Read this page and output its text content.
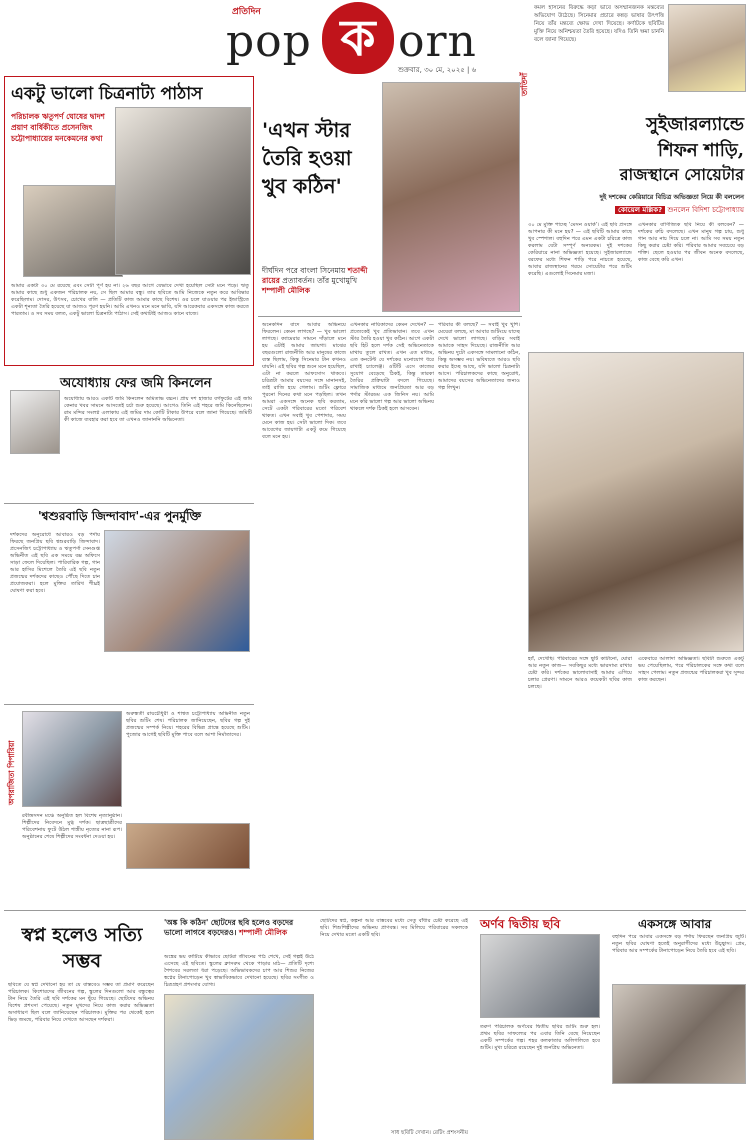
প্রতিদিন
pop ক orn
শুক্রবার, ৩০ মে, ২০২৫ | ৬
তাতিদাঁ
কমল হাসনের বিরুদ্ধে কড়া ভাবে অসম্মানজনক মন্তব্যের অভিযোগ উঠেছে। সিনেমার প্রচারে কন্নড় ভাষার উৎপত্তি নিয়ে তাঁর মন্তব্যে ক্ষোভ দেখা দিয়েছে। কর্ণাটকে ছবিটির মুক্তি নিয়ে অনিশ্চয়তা তৈরি হয়েছে। যদিও তিনি ক্ষমা চাননি বলে জানা গিয়েছে।
একটু ভালো চিত্রনাট্য পাঠাস
পরিচালক ঋতুপর্ণ ঘোষের দ্বাদশ প্রয়াণ বার্ষিকীতে প্রসেনজিৎ চট্টোপাধ্যায়ের মনকেমনের কথা
আমার একটা ৩০ মে রয়েছে এবং সেটা পূর্ণ হয় না। ২৬ বছর আগে যেভাবে দেখা হয়েছিল সেটা মনে পড়ে। ঋতু আমার কাছে শুধু একজন পরিচালক নয়, সে ছিল আমার বন্ধু। তার ছবিতে আমি নিজেকে নতুন করে আবিষ্কার করেছিলাম। দোসর, উৎসব, চোখের বালি — প্রতিটি কাজ আমার কাছে বিশেষ। ওর চলে যাওয়ার পর ইন্ডাস্ট্রিতে একটা শূন্যতা তৈরি হয়েছে যা আজও পূরণ হয়নি। আমি এখনও মনে মনে ভাবি, যদি আরেকবার একসঙ্গে কাজ করতে পারতাম। ও সব সময় বলত, একটু ভালো চিত্রনাট্য পাঠাস। সেই কথাটাই আজও কানে বাজে।
অযোধ্যায় ফের জমি কিনলেন
অযোধ্যায় আরও একটি জমি কিনলেন অমিতাভ বচ্চন। প্রায় দশ হাজার বর্গফুটের এই জমি কেনার খবর সামনে আসতেই চর্চা শুরু হয়েছে। আগেও তিনি এই শহরে জমি কিনেছিলেন। রাম মন্দির সংলগ্ন এলাকায় এই জমির দাম কোটি টাকার উপরে বলে জানা গিয়েছে। জমিটি কী কাজে ব্যবহার করা হবে তা এখনও জানাননি অভিনেতা।
'শ্বশুরবাড়ি জিন্দাবাদ'-এর পুনর্মুক্তি
দর্শকদের অনুরোধে আবারও বড় পর্দায় ফিরছে জনপ্রিয় ছবি শ্বশুরবাড়ি জিন্দাবাদ। প্রসেনজিৎ চট্টোপাধ্যায় ও ঋতুপর্ণা সেনগুপ্ত অভিনীত এই ছবি এক সময়ে বক্স অফিসে সাড়া ফেলে দিয়েছিল। পারিবারিক গল্প, গান আর হাসির মিশেলে তৈরি এই ছবি নতুন প্রজন্মের দর্শকদের কাছেও পৌঁছে দিতে চান প্রযোজকরা। হলে মুক্তির তারিখ শীঘ্রই ঘোষণা করা হবে।
অপরাজিতা পিপারিয়া
অরুন্ধতী রায়চৌধুরী ও শাশ্বত চট্টোপাধ্যায় অভিনীত নতুন ছবির শুটিং শেষ। পরিচালক জানিয়েছেন, ছবির গল্প দুই প্রজন্মের সম্পর্ক নিয়ে। শহরের বিভিন্ন প্রান্তে হয়েছে শুটিং। পুজোর আগেই ছবিটি মুক্তি পাবে বলে আশা নির্মাতাদের।
রবীন্দ্রসদন মঞ্চে অনুষ্ঠিত হল বিশেষ নৃত্যানুষ্ঠান। শিল্পীদের নিবেদনে মুগ্ধ দর্শক। ছাত্রছাত্রীদের পরিবেশনায় ফুটে উঠল শাস্ত্রীয় নৃত্যের নানা রূপ। অনুষ্ঠানের শেষে শিল্পীদের সংবর্ধনা দেওয়া হয়।
'এখন স্টার তৈরি হওয়া খুব কঠিন'
দীর্ঘদিন পরে বাংলা সিনেমায় শতাব্দী রায়ের প্রত্যাবর্তন। তাঁর মুখোমুখি শম্পালী মৌলিক
অনেকদিন বাদে আবার অভিনয়ে ফিরলেন। কেমন লাগছে? — খুব ভালো লাগছে। ক্যামেরার সামনে দাঁড়ালে মনে হয় এটাই আমার জায়গা। মাঝের বছরগুলো রাজনীতি আর মানুষের কাজে ব্যস্ত ছিলাম, কিন্তু সিনেমার টান কখনও যায়নি। এই ছবির গল্প শুনে মনে হয়েছিল, এটা না করলে আফসোস থাকবে। চরিত্রটা আমার বয়সের সঙ্গে মানানসই, তাই রাজি হয়ে গেলাম। শুটিং ফ্লোরে পুরনো দিনের কথা মনে পড়ছিল। তখন আমরা একসঙ্গে অনেক ছবি করতাম, সেটে একটা পরিবারের মতো পরিবেশ থাকত। এখন সবাই খুব পেশাদার, সময় মেনে কাজ হয়। সেটা ভালো দিক। তবে আবেগের জায়গাটা একটু কমে গিয়েছে বলে মনে হয়।
এখনকার নায়িকাদের কেমন দেখেন? — প্রত্যেকেই খুব প্রতিভাবান। তবে এখন স্টার তৈরি হওয়া খুব কঠিন। আগে একটা ছবি হিট হলে দর্শক সেই অভিনেতাকে মাথায় তুলে রাখত। এখন এত মাধ্যম, এত কনটেন্ট যে দর্শকের মনোযোগ ধরে রাখাই চ্যালেঞ্জ। ওটিটি এসে কাজের সুযোগ বেড়েছে ঠিকই, কিন্তু তারকা তৈরির প্রক্রিয়াটা বদলে গিয়েছে। সামাজিক মাধ্যমে জনপ্রিয়তা আর বড় পর্দার স্টারডম এক জিনিস নয়। আমি মনে করি ভালো গল্প আর ভালো অভিনয় থাকলে দর্শক ঠিকই হলে আসবেন।
পরিবার কী বলছে? — সবাই খুব খুশি। মেয়েরা বলছে, মা আবার শুটিংয়ে যাচ্ছে দেখে ভালো লাগছে। বাড়ির সবাই আমাকে সাহস দিয়েছে। রাজনীতি আর অভিনয় দুটো একসঙ্গে সামলানো কঠিন, কিন্তু অসম্ভব নয়। ভবিষ্যতে আরও ছবি করার ইচ্ছে আছে, যদি ভালো চিত্রনাট্য আসে। পরিচালকদের কাছে অনুরোধ, আমাদের বয়সের অভিনেতাদের জন্যও গল্প লিখুন।
সুইজারল্যান্ডে
শিফন শাড়ি,
রাজস্থানে সোয়েটার
দুই দশকের কেরিয়ারে বিচিত্র অভিজ্ঞতা নিয়ে কী বললেন
কোয়েল মল্লিক? শুনলেন বিদিশা চট্টোপাধ্যায়
৩০ মে মুক্তি পাচ্ছে ‘মেসন ওয়ার্ক’। এই ছবি প্রসঙ্গে আপনার কী মনে হয়? — এই ছবিটি আমার কাছে খুব স্পেশাল। বহুদিন পরে এমন একটা চরিত্রে কাজ করলাম যেটা সম্পূর্ণ অন্যরকম। দুই দশকের কেরিয়ারে নানা অভিজ্ঞতা হয়েছে। সুইজারল্যান্ডে বরফের মধ্যে শিফন শাড়ি পরে নাচতে হয়েছে, আবার রাজস্থানের গরমে সোয়েটার পরে শুটিং করেছি। এগুলোই সিনেমার মজা।
এখনকার বাণিজ্যিক ছবি নিয়ে কী বলবেন? — দর্শকের রুচি বদলেছে। এখন মানুষ গল্প চায়, শুধু গান আর নাচ দিয়ে চলে না। আমি সব সময় নতুন কিছু করার চেষ্টা করি। পরিবার আমার সবচেয়ে বড় শক্তি। ছেলে হওয়ার পর জীবন অনেক বদলেছে, কাজ বেছে করি এখন।
হ্যাঁ, দেখেছি। পরিবারের সঙ্গে ছুটি কাটানো, ঘোরা আর নতুন কাজ— সবকিছুর মধ্যে ভারসাম্য রাখার চেষ্টা করি। দর্শকের ভালোবাসাই আমার এগিয়ে চলার প্রেরণা। সামনে আরও কয়েকটা ছবির কাজ চলছে।
একেবারে আলাদা অভিজ্ঞতা। ছবিটা শুরুতে একটু ভয় পেয়েছিলাম, পরে পরিচালকের সঙ্গে কথা বলে সাহস পেলাম। নতুন প্রজন্মের পরিচালকরা খুব সুন্দর কাজ করছেন।
স্বপ্ন হলেও সত্যি সম্ভব
ছবিতে যে স্বপ্ন দেখানো হয় তা যে বাস্তবেও সম্ভব তা প্রমাণ করেছেন পরিচালক। কিশোরদের জীবনের গল্প, স্কুলের দিনগুলো আর বন্ধুত্বের টান নিয়ে তৈরি এই ছবি দর্শকের মন ছুঁয়ে গিয়েছে। ছোটদের অভিনয় বিশেষ প্রশংসা পেয়েছে। নতুন মুখদের নিয়ে কাজ করার অভিজ্ঞতা অসাধারণ ছিল বলে জানিয়েছেন পরিচালক। মুক্তির পর থেকেই হলে ভিড় জমছে, পরিবার নিয়ে দেখতে আসছেন দর্শকরা।
'অঙ্ক কি কঠিন' ছোটদের ছবি হলেও বড়দের ভালো লাগবে বড়দেরও। শম্পালী মৌলিক
অঙ্কের ভয় কাটিয়ে কীভাবে ছোটরা জীবনের পাঠ শেখে, সেই গল্পই উঠে এসেছে এই ছবিতে। স্কুলের ক্লাসরুম থেকে পাড়ার মাঠ— প্রতিটি দৃশ্যে শৈশবের সরলতা ধরা পড়েছে। অভিভাবকদের চাপ আর শিশুর নিজের স্বপ্নের টানাপোড়েন খুব স্বাভাবিকভাবে দেখানো হয়েছে। ছবির সংগীত ও চিত্রগ্রহণ প্রশংসার যোগ্য।
ছোটদের স্বপ্ন, কল্পনা আর বাস্তবের মধ্যে সেতু বাঁধার চেষ্টা করেছে এই ছবি। শিশুশিল্পীদের অভিনয় প্রাণবন্ত। সব মিলিয়ে পরিবারের সকলকে নিয়ে দেখার মতো একটি ছবি।
সাধ ছবিটি দেখান। রেটিং প্রশংসনীয়
অর্ণব দ্বিতীয় ছবি
তরুণ পরিচালক অর্ণবের দ্বিতীয় ছবির শুটিং শুরু হল। প্রথম ছবির সাফল্যের পর এবার তিনি বেছে নিয়েছেন একটি সম্পর্কের গল্প। শহর কলকাতার অলিগলিতে হবে শুটিং। মুখ্য চরিত্রে রয়েছেন দুই জনপ্রিয় অভিনেতা।
একসঙ্গে আবার
বহুদিন পরে আবার একসঙ্গে বড় পর্দায় ফিরছেন জনপ্রিয় জুটি। নতুন ছবির ঘোষণা হতেই অনুরাগীদের মধ্যে উচ্ছ্বাস। প্রেম, পরিবার আর সম্পর্কের টানাপোড়েন নিয়ে তৈরি হবে এই ছবি।
